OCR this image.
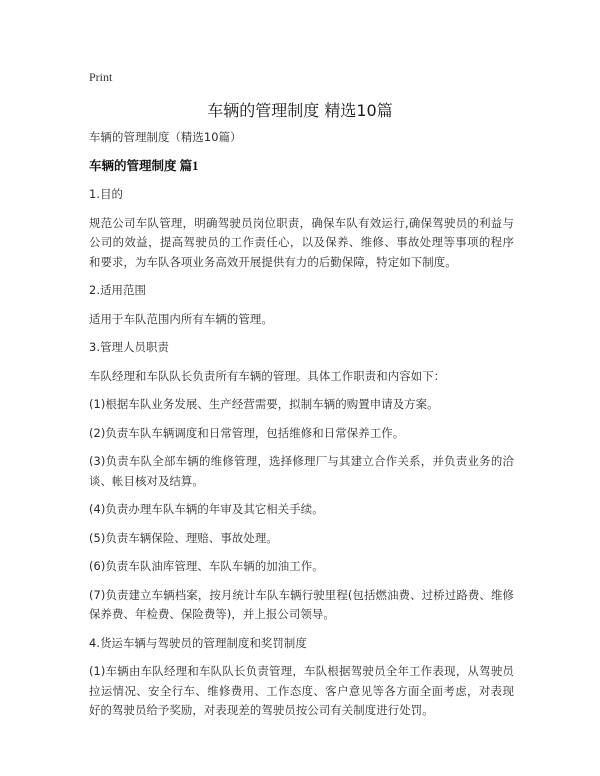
Print
车辆的管理制度 精选10篇

车辆的管理制度（精选10篇）

车辆的管理制度 篇1

1.目的

规范公司车队管理，明确驾驶员岗位职责，确保车队有效运行,确保驾驶员的利益与公司的效益，提高驾驶员的工作责任心，以及保养、维修、事故处理等事项的程序和要求，为车队各项业务高效开展提供有力的后勤保障，特定如下制度。

2.适用范围

适用于车队范围内所有车辆的管理。

3.管理人员职责

车队经理和车队队长负责所有车辆的管理。具体工作职责和内容如下：

(1)根据车队业务发展、生产经营需要，拟制车辆的购置申请及方案。

(2)负责车队车辆调度和日常管理，包括维修和日常保养工作。

(3)负责车队全部车辆的维修管理，选择修理厂与其建立合作关系，并负责业务的洽谈、帐目核对及结算。

(4)负责办理车队车辆的年审及其它相关手续。

(5)负责车辆保险、理赔、事故处理。

(6)负责车队油库管理、车队车辆的加油工作。

(7)负责建立车辆档案，按月统计车队车辆行驶里程(包括燃油费、过桥过路费、维修保养费、年检费、保险费等)，并上报公司领导。

4.货运车辆与驾驶员的管理制度和奖罚制度

(1)车辆由车队经理和车队队长负责管理，车队根据驾驶员全年工作表现，从驾驶员拉运情况、安全行车、维修费用、工作态度、客户意见等各方面全面考虑，对表现好的驾驶员给予奖励，对表现差的驾驶员按公司有关制度进行处罚。
